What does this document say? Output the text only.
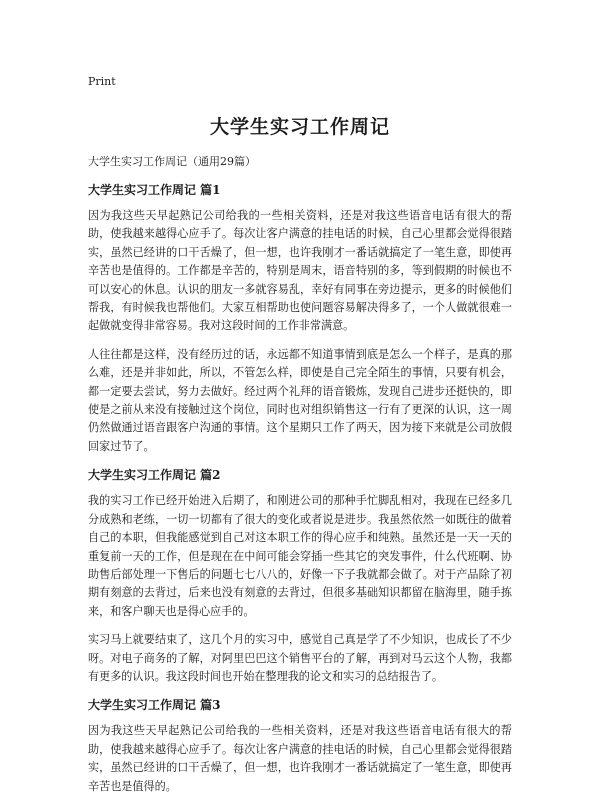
Print
大学生实习工作周记
大学生实习工作周记（通用29篇）
大学生实习工作周记 篇1

因为我这些天早起熟记公司给我的一些相关资料，还是对我这些语音电话有很大的帮助，使我越来越得心应手了。每次让客户满意的挂电话的时候，自己心里都会觉得很踏实，虽然已经讲的口干舌燥了，但一想，也许我刚才一番话就搞定了一笔生意，即使再辛苦也是值得的。工作都是辛苦的，特别是周末，语音特别的多，等到假期的时候也不可以安心的休息。认识的朋友一多就容易乱，幸好有同事在旁边提示，更多的时候他们帮我，有时候我也帮他们。大家互相帮助也使问题容易解决得多了，一个人做就很难一起做就变得非常容易。我对这段时间的工作非常满意。

人往往都是这样，没有经历过的话，永远都不知道事情到底是怎么一个样子，是真的那么难，还是并非如此，所以，不管怎么样，即使是自己完全陌生的事情，只要有机会，都一定要去尝试，努力去做好。经过两个礼拜的语音锻炼，发现自己进步还挺快的，即使是之前从来没有接触过这个岗位，同时也对组织销售这一行有了更深的认识，这一周仍然做通过语音跟客户沟通的事情。这个星期只工作了两天，因为接下来就是公司放假回家过节了。

大学生实习工作周记 篇2

我的实习工作已经开始进入后期了，和刚进公司的那种手忙脚乱相对，我现在已经多几分成熟和老练，一切一切都有了很大的变化或者说是进步。我虽然依然一如既往的做着自己的本职，但我能感觉到自己对这本职工作的得心应手和纯熟。虽然还是一天一天的重复前一天的工作，但是现在在中间可能会穿插一些其它的突发事件，什么代班啊、协助售后部处理一下售后的问题七七八八的，好像一下子我就都会做了。对于产品除了初期有刻意的去背过，后来也没有刻意的去背过，但很多基础知识都留在脑海里，随手拣来，和客户聊天也是得心应手的。

实习马上就要结束了，这几个月的实习中，感觉自己真是学了不少知识，也成长了不少呀。对电子商务的了解，对阿里巴巴这个销售平台的了解，再到对马云这个人物，我都有更多的认识。我这段时间也开始在整理我的论文和实习的总结报告了。

大学生实习工作周记 篇3

因为我这些天早起熟记公司给我的一些相关资料，还是对我这些语音电话有很大的帮助，使我越来越得心应手了。每次让客户满意的挂电话的时候，自己心里都会觉得很踏实，虽然已经讲的口干舌燥了，但一想，也许我刚才一番话就搞定了一笔生意，即使再辛苦也是值得的。
